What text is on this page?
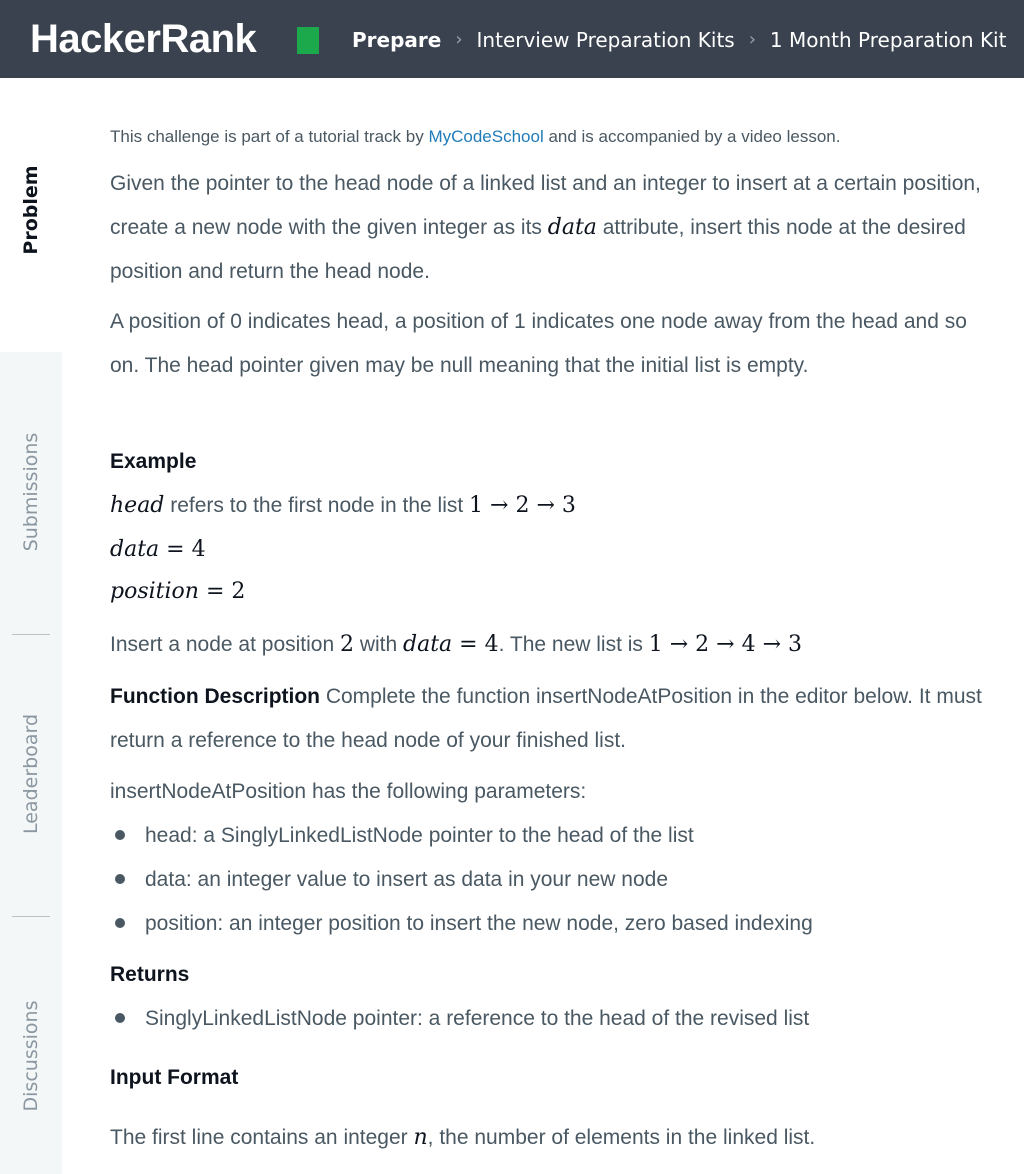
HackerRank	Prepare › Interview Preparation Kits › 1 Month Preparation Kit
Problem
Submissions
Leaderboard
Discussions

This challenge is part of a tutorial track by MyCodeSchool and is accompanied by a video lesson.

Given the pointer to the head node of a linked list and an integer to insert at a certain position, create a new node with the given integer as its data attribute, insert this node at the desired position and return the head node.

A position of 0 indicates head, a position of 1 indicates one node away from the head and so on. The head pointer given may be null meaning that the initial list is empty.

Example

head refers to the first node in the list 1 → 2 → 3

data = 4

position = 2

Insert a node at position 2 with data = 4. The new list is 1 → 2 → 4 → 3

Function Description Complete the function insertNodeAtPosition in the editor below. It must return a reference to the head node of your finished list.

insertNodeAtPosition has the following parameters:

head: a SinglyLinkedListNode pointer to the head of the list
data: an integer value to insert as data in your new node
position: an integer position to insert the new node, zero based indexing

Returns

SinglyLinkedListNode pointer: a reference to the head of the revised list

Input Format

The first line contains an integer n, the number of elements in the linked list.
